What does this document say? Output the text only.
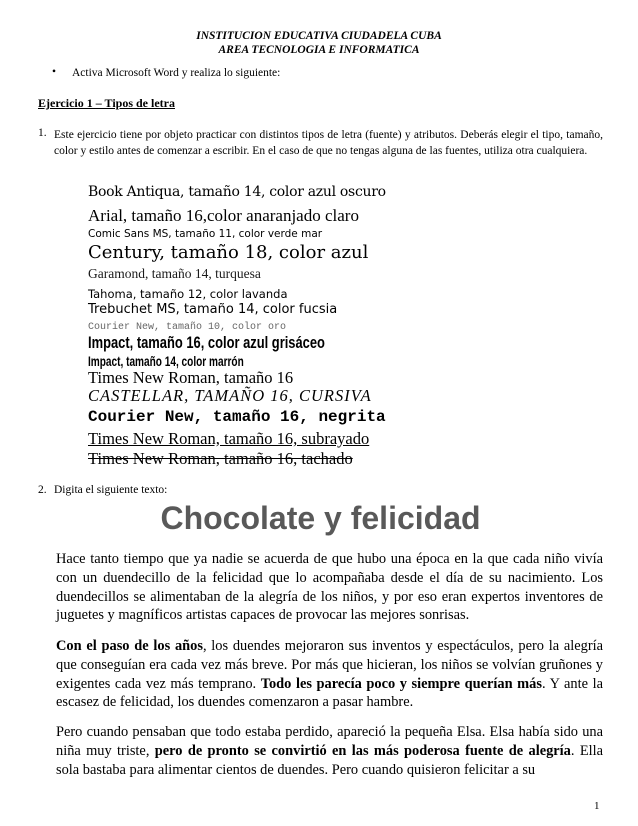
INSTITUCION EDUCATIVA CIUDADELA CUBA
AREA TECNOLOGIA E INFORMATICA
• Activa Microsoft Word y realiza lo siguiente:
Ejercicio 1 – Tipos de letra
1. Este ejercicio tiene por objeto practicar con distintos tipos de letra (fuente) y atributos. Deberás elegir el tipo, tamaño, color y estilo antes de comenzar a escribir. En el caso de que no tengas alguna de las fuentes, utiliza otra cualquiera.
Book Antiqua, tamaño 14, color azul oscuro
Arial, tamaño 16,color anaranjado claro
Comic Sans MS, tamaño 11, color verde mar
Century, tamaño 18, color azul
Garamond, tamaño 14, turquesa
Tahoma, tamaño 12, color lavanda
Trebuchet MS, tamaño 14, color fucsia
Courier New, tamaño 10, color oro
Impact, tamaño 16, color azul grisáceo
Impact, tamaño 14, color marrón
Times New Roman, tamaño 16
CASTELLAR, TAMAÑO 16, CURSIVA
Courier New, tamaño 16, negrita
Times New Roman, tamaño 16, subrayado
Times New Roman, tamaño 16, tachado
2. Digita el siguiente texto:
Chocolate y felicidad
Hace tanto tiempo que ya nadie se acuerda de que hubo una época en la que cada niño vivía con un duendecillo de la felicidad que lo acompañaba desde el día de su nacimiento. Los duendecillos se alimentaban de la alegría de los niños, y por eso eran expertos inventores de juguetes y magníficos artistas capaces de provocar las mejores sonrisas.
Con el paso de los años, los duendes mejoraron sus inventos y espectáculos, pero la alegría que conseguían era cada vez más breve. Por más que hicieran, los niños se volvían gruñones y exigentes cada vez más temprano. Todo les parecía poco y siempre querían más. Y ante la escasez de felicidad, los duendes comenzaron a pasar hambre.
Pero cuando pensaban que todo estaba perdido, apareció la pequeña Elsa. Elsa había sido una niña muy triste, pero de pronto se convirtió en las más poderosa fuente de alegría. Ella sola bastaba para alimentar cientos de duendes. Pero cuando quisieron felicitar a su
1
